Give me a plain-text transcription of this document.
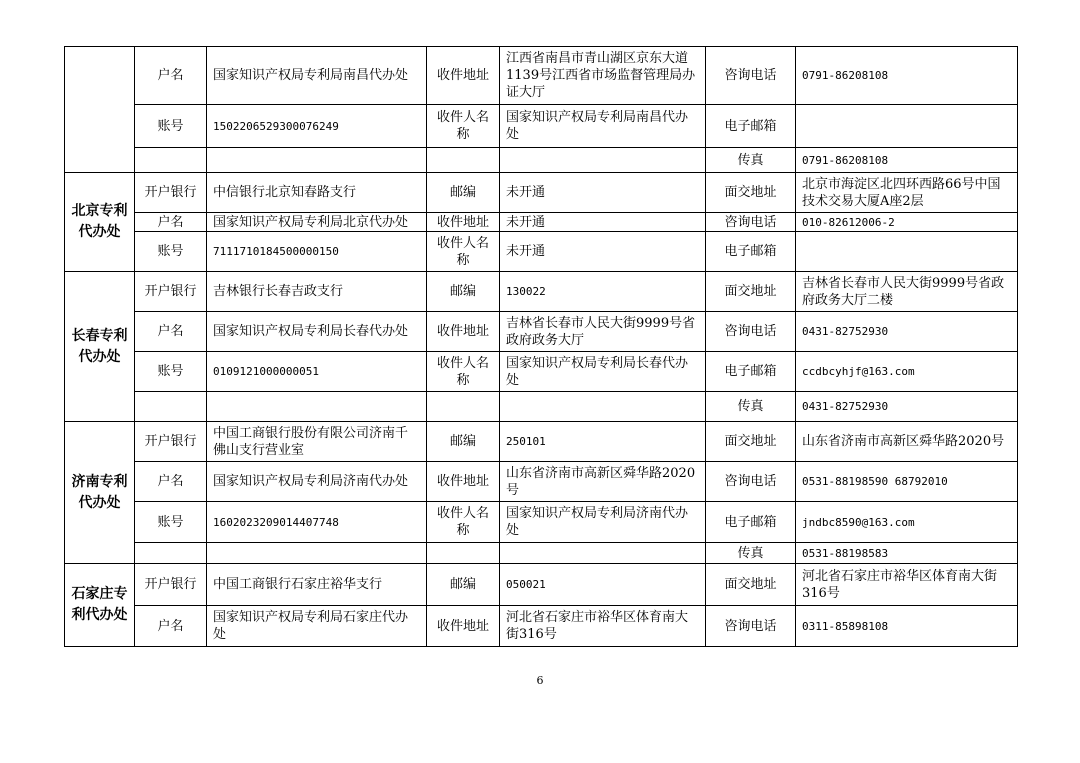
	户名	国家知识产权局专利局南昌代办处	收件地址	江西省南昌市青山湖区京东大道1139号江西省市场监督管理局办证大厅	咨询电话	0791-86208108
	账号	1502206529300076249	收件人名称	国家知识产权局专利局南昌代办处	电子邮箱	
					传真	0791-86208108
北京专利代办处	开户银行	中信银行北京知春路支行	邮编	未开通	面交地址	北京市海淀区北四环西路66号中国技术交易大厦A座2层
	户名	国家知识产权局专利局北京代办处	收件地址	未开通	咨询电话	010-82612006-2
	账号	7111710184500000150	收件人名称	未开通	电子邮箱	
长春专利代办处	开户银行	吉林银行长春吉政支行	邮编	130022	面交地址	吉林省长春市人民大街9999号省政府政务大厅二楼
	户名	国家知识产权局专利局长春代办处	收件地址	吉林省长春市人民大街9999号省政府政务大厅	咨询电话	0431-82752930
	账号	0109121000000051	收件人名称	国家知识产权局专利局长春代办处	电子邮箱	ccdbcyhjf@163.com
					传真	0431-82752930
济南专利代办处	开户银行	中国工商银行股份有限公司济南千佛山支行营业室	邮编	250101	面交地址	山东省济南市高新区舜华路2020号
	户名	国家知识产权局专利局济南代办处	收件地址	山东省济南市高新区舜华路2020号	咨询电话	0531-88198590 68792010
	账号	1602023209014407748	收件人名称	国家知识产权局专利局济南代办处	电子邮箱	jndbc8590@163.com
					传真	0531-88198583
石家庄专利代办处	开户银行	中国工商银行石家庄裕华支行	邮编	050021	面交地址	河北省石家庄市裕华区体育南大街316号
	户名	国家知识产权局专利局石家庄代办处	收件地址	河北省石家庄市裕华区体育南大街316号	咨询电话	0311-85898108
6
